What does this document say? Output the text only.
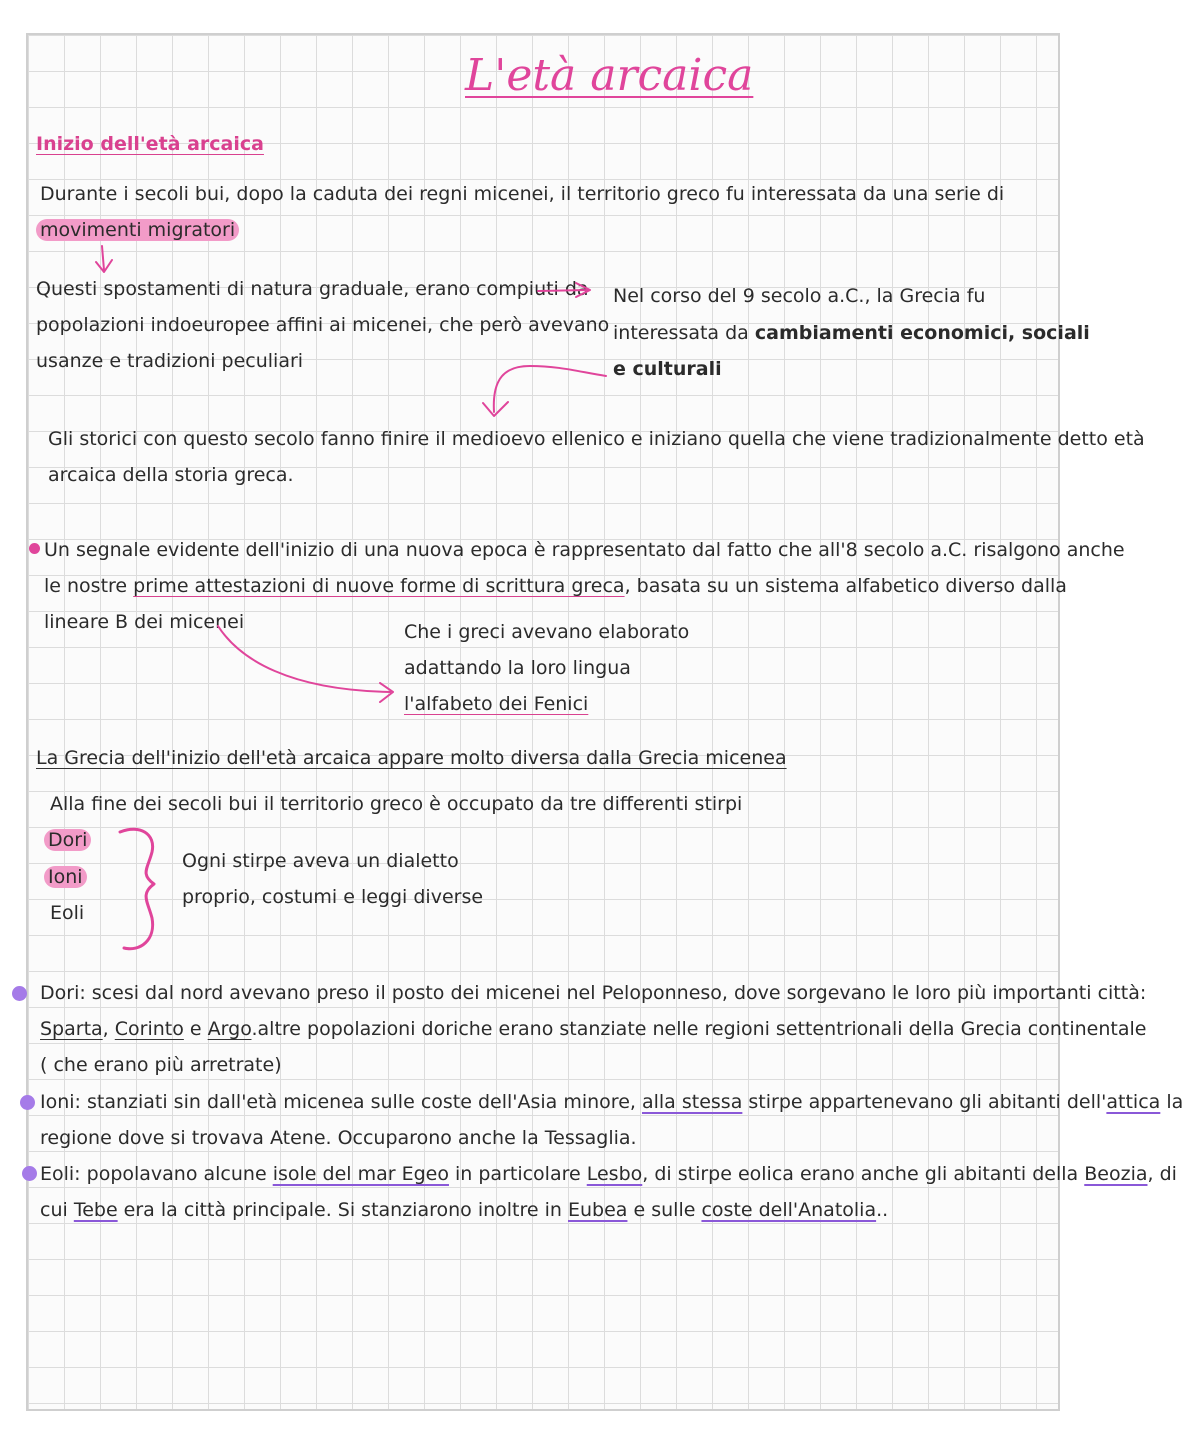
L'età arcaica
Inizio dell'età arcaica
Durante i secoli bui, dopo la caduta dei regni micenei, il territorio greco fu interessata da una serie di
movimenti migratori
Questi spostamenti di natura graduale, erano compiuti da
popolazioni indoeuropee affini ai micenei, che però avevano
usanze e tradizioni peculiari
Nel corso del 9 secolo a.C., la Grecia fu
interessata da cambiamenti economici, sociali
e culturali
Gli storici con questo secolo fanno finire il medioevo ellenico e iniziano quella che viene tradizionalmente detto età
arcaica della storia greca.
Un segnale evidente dell'inizio di una nuova epoca è rappresentato dal fatto che all'8 secolo a.C. risalgono anche
le nostre prime attestazioni di nuove forme di scrittura greca, basata su un sistema alfabetico diverso dalla
lineare B dei micenei	Che i greci avevano elaborato
adattando la loro lingua
l'alfabeto dei Fenici
La Grecia dell'inizio dell'età arcaica appare molto diversa dalla Grecia micenea
Alla fine dei secoli bui il territorio greco è occupato da tre differenti stirpi
Dori
Ioni
Eoli
Ogni stirpe aveva un dialetto
proprio, costumi e leggi diverse
Dori: scesi dal nord avevano preso il posto dei micenei nel Peloponneso, dove sorgevano le loro più importanti città:
Sparta, Corinto e Argo.altre popolazioni doriche erano stanziate nelle regioni settentrionali della Grecia continentale
( che erano più arretrate)
Ioni: stanziati sin dall'età micenea sulle coste dell'Asia minore, alla stessa stirpe appartenevano gli abitanti dell'attica la
regione dove si trovava Atene. Occuparono anche la Tessaglia.
Eoli: popolavano alcune isole del mar Egeo in particolare Lesbo, di stirpe eolica erano anche gli abitanti della Beozia, di
cui Tebe era la città principale. Si stanziarono inoltre in Eubea e sulle coste dell'Anatolia..
